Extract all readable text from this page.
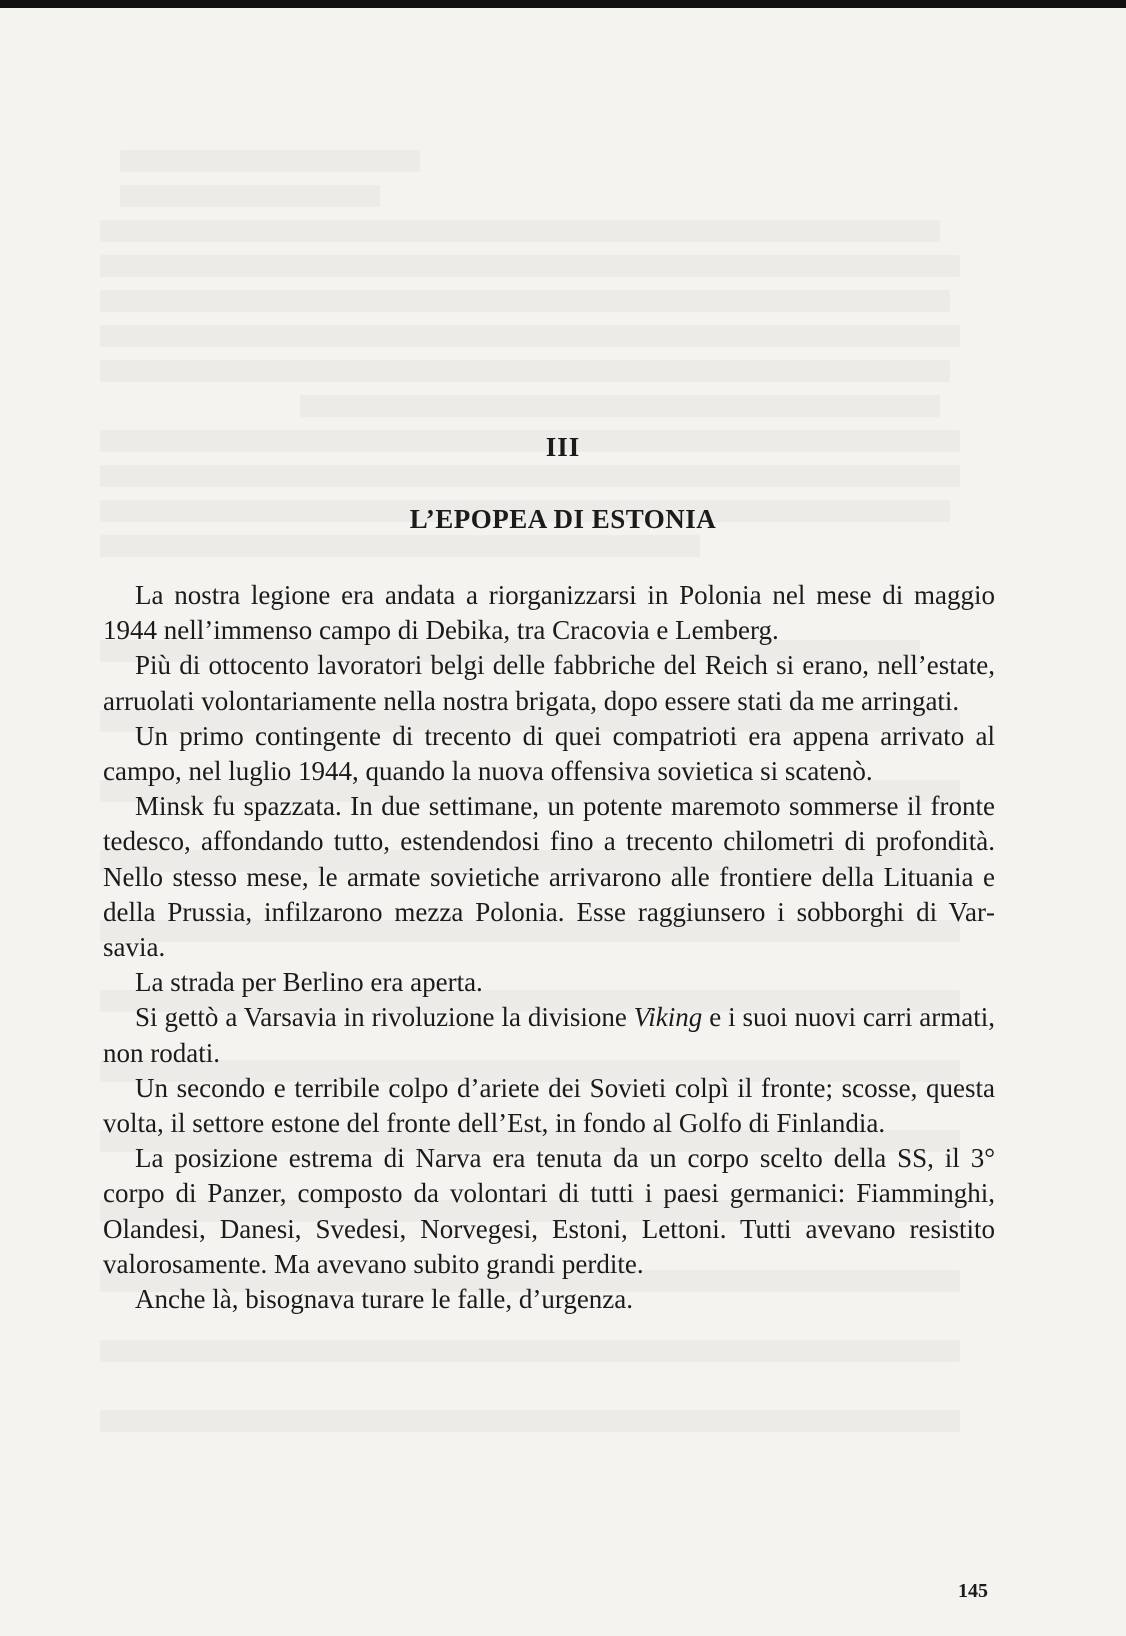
III
L’EPOPEA DI ESTONIA

La nostra legione era andata a riorganizzarsi in Polonia nel mese di maggio 1944 nell’immenso campo di Debika, tra Cracovia e Lemberg.

Più di ottocento lavoratori belgi delle fabbriche del Reich si erano, nell’estate, arruolati volontariamente nella nostra brigata, dopo essere stati da me arringati.

Un primo contingente di trecento di quei compatrioti era appena arrivato al campo, nel luglio 1944, quando la nuova offensiva sovietica si scatenò.

Minsk fu spazzata. In due settimane, un potente maremoto sommerse il fronte tedesco, affondando tutto, estendendosi fino a trecento chilometri di profondità. Nello stesso mese, le armate sovietiche arrivarono alle frontiere della Lituania e della Prussia, infilzarono mezza Polonia. Esse raggiunsero i sobborghi di Varsavia.

La strada per Berlino era aperta.

Si gettò a Varsavia in rivoluzione la divisione Viking e i suoi nuovi carri armati, non rodati.

Un secondo e terribile colpo d’ariete dei Sovieti colpì il fronte; scosse, questa volta, il settore estone del fronte dell’Est, in fondo al Golfo di Finlandia.

La posizione estrema di Narva era tenuta da un corpo scelto della SS, il 3° corpo di Panzer, composto da volontari di tutti i paesi germanici: Fiamminghi, Olandesi, Danesi, Svedesi, Norvegesi, Estoni, Lettoni. Tutti avevano resistito valorosamente. Ma avevano subito grandi perdite.

Anche là, bisognava turare le falle, d’urgenza.

145
